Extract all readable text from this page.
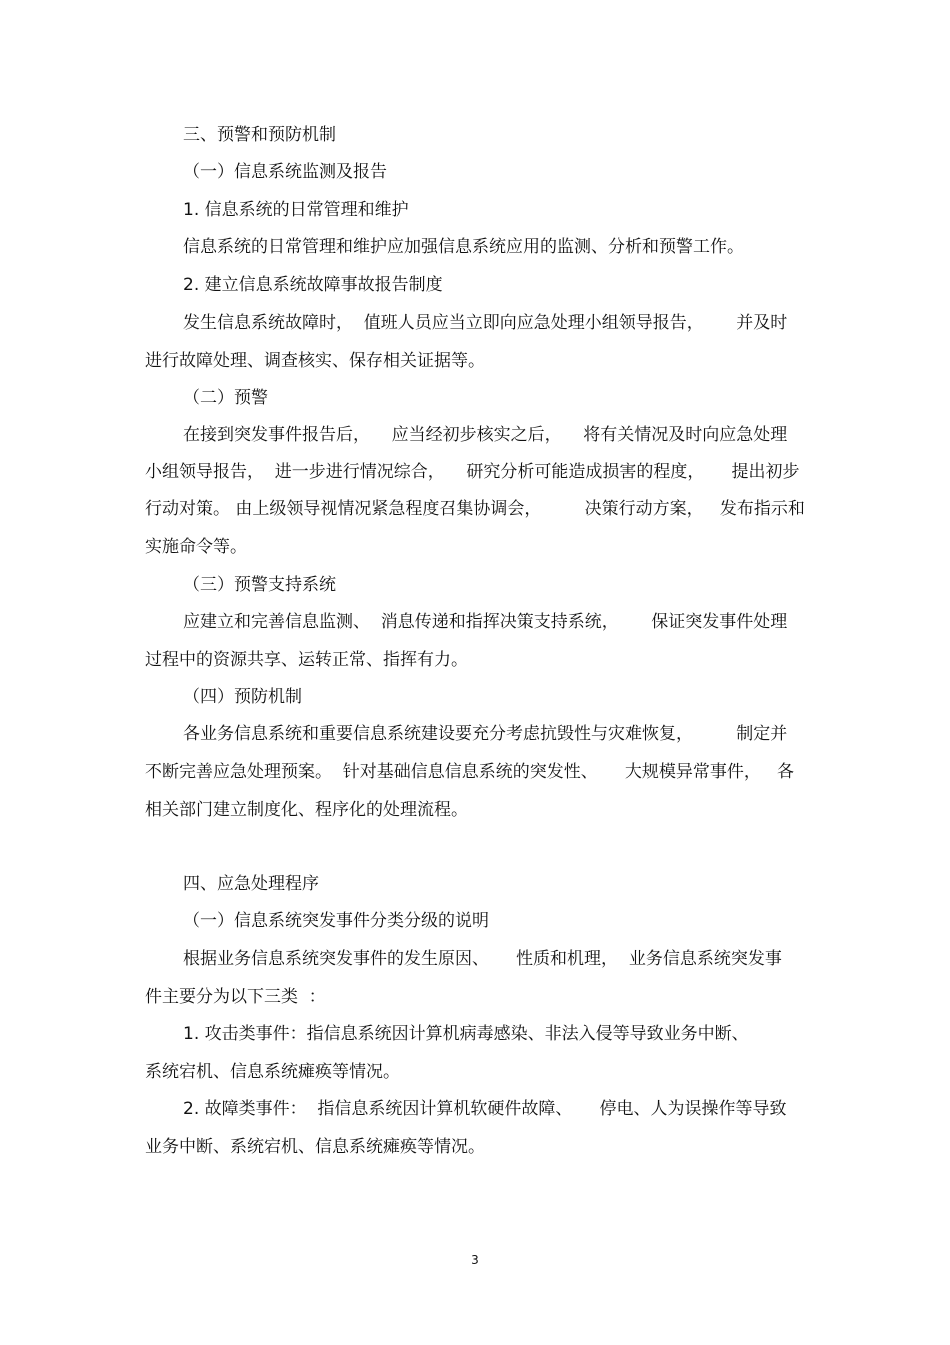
三、预警和预防机制

（一）信息系统监测及报告

1. 信息系统的日常管理和维护

信息系统的日常管理和维护应加强信息系统应用的监测、分析和预警工作。

2. 建立信息系统故障事故报告制度

发生信息系统故障时，  值班人员应当立即向应急处理小组领导报告，      并及时

进行故障处理、调查核实、保存相关证据等。

（二）预警

在接到突发事件报告后，    应当经初步核实之后，    将有关情况及时向应急处理

小组领导报告，  进一步进行情况综合，    研究分析可能造成损害的程度，     提出初步

行动对策。 由上级领导视情况紧急程度召集协调会，        决策行动方案，   发布指示和

实施命令等。

（三）预警支持系统

应建立和完善信息监测、  消息传递和指挥决策支持系统，      保证突发事件处理

过程中的资源共享、运转正常、指挥有力。

（四）预防机制

各业务信息系统和重要信息系统建设要充分考虑抗毁性与灾难恢复，        制定并

不断完善应急处理预案。  针对基础信息信息系统的突发性、     大规模异常事件，   各

相关部门建立制度化、程序化的处理流程。

四、应急处理程序

（一）信息系统突发事件分类分级的说明

根据业务信息系统突发事件的发生原因、     性质和机理，  业务信息系统突发事

件主要分为以下三类  ：

1. 攻击类事件：指信息系统因计算机病毒感染、非法入侵等导致业务中断、

系统宕机、信息系统瘫痪等情况。

2. 故障类事件：  指信息系统因计算机软硬件故障、     停电、人为误操作等导致

业务中断、系统宕机、信息系统瘫痪等情况。

3
